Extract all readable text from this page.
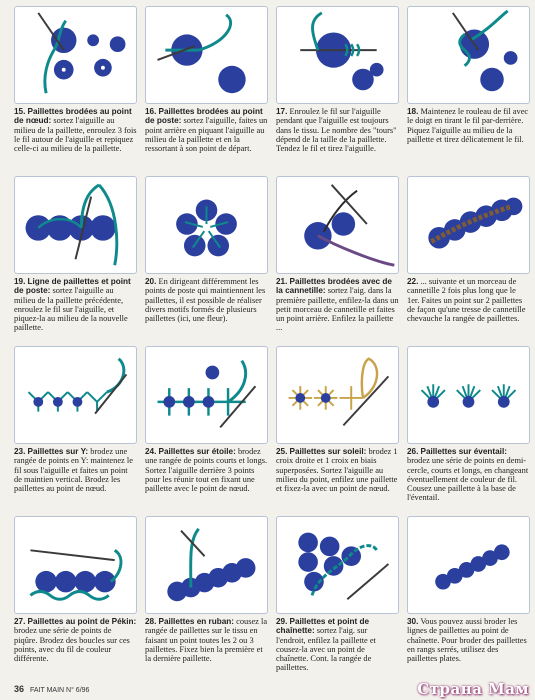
15. Paillettes brodées au point de nœud: sortez l'aiguille au milieu de la paillette, enroulez 3 fois le fil autour de l'aiguille et repiquez celle-ci au milieu de la paillette.
16. Paillettes brodées au point de poste: sortez l'aiguille, faites un point arrière en piquant l'aiguille au milieu de la paillette et en la ressortant à son point de départ.
17. Enroulez le fil sur l'aiguille pendant que l'aiguille est toujours dans le tissu. Le nombre des "tours" dépend de la taille de la paillette. Tendez le fil et tirez l'aiguille.
18. Maintenez le rouleau de fil avec le doigt en tirant le fil par-derrière. Piquez l'aiguille au milieu de la paillette et tirez délicatement le fil.
19. Ligne de paillettes et point de poste: sortez l'aiguille au milieu de la paillette précédente, enroulez le fil sur l'aiguille, et piquez-la au milieu de la nouvelle paillette.
20. En dirigeant différemment les points de poste qui maintiennent les paillettes, il est possible de réaliser divers motifs formés de plusieurs paillettes (ici, une fleur).
21. Paillettes brodées avec de la cannetille: sortez l'aig. dans la première paillette, enfilez-la dans un petit morceau de cannetille et faites un point arrière. Enfilez la paillette ...
22. ... suivante et un morceau de cannetille 2 fois plus long que le 1er. Faites un point sur 2 paillettes de façon qu'une tresse de cannetille chevauche la rangée de paillettes.
23. Paillettes sur Y: brodez une rangée de points en Y: maintenez le fil sous l'aiguille et faites un point de maintien vertical. Brodez les paillettes au point de nœud.
24. Paillettes sur étoile: brodez une rangée de points courts et longs. Sortez l'aiguille derrière 3 points pour les réunir tout en fixant une paillette avec le point de nœud.
25. Paillettes sur soleil: brodez 1 croix droite et 1 croix en biais superposées. Sortez l'aiguille au milieu du point, enfilez une paillette et fixez-la avec un point de nœud.
26. Paillettes sur éventail: brodez une série de points en demi-cercle, courts et longs, en changeant éventuellement de couleur de fil. Cousez une paillette à la base de l'éventail.
27. Paillettes au point de Pékin: brodez une série de points de piqûre. Brodez des boucles sur ces points, avec du fil de couleur différente.
28. Paillettes en ruban: cousez la rangée de paillettes sur le tissu en faisant un point toutes les 2 ou 3 paillettes. Fixez bien la première et la dernière paillette.
29. Paillettes et point de chaînette: sortez l'aig. sur l'endroit, enfilez la paillette et cousez-la avec un point de chaînette. Cont. la rangée de paillettes.
30. Vous pouvez aussi broder les lignes de paillettes au point de chaînette. Pour broder des paillettes en rangs serrés, utilisez des paillettes plates.
36 FAIT MAIN N° 6/96	Страна Мам
